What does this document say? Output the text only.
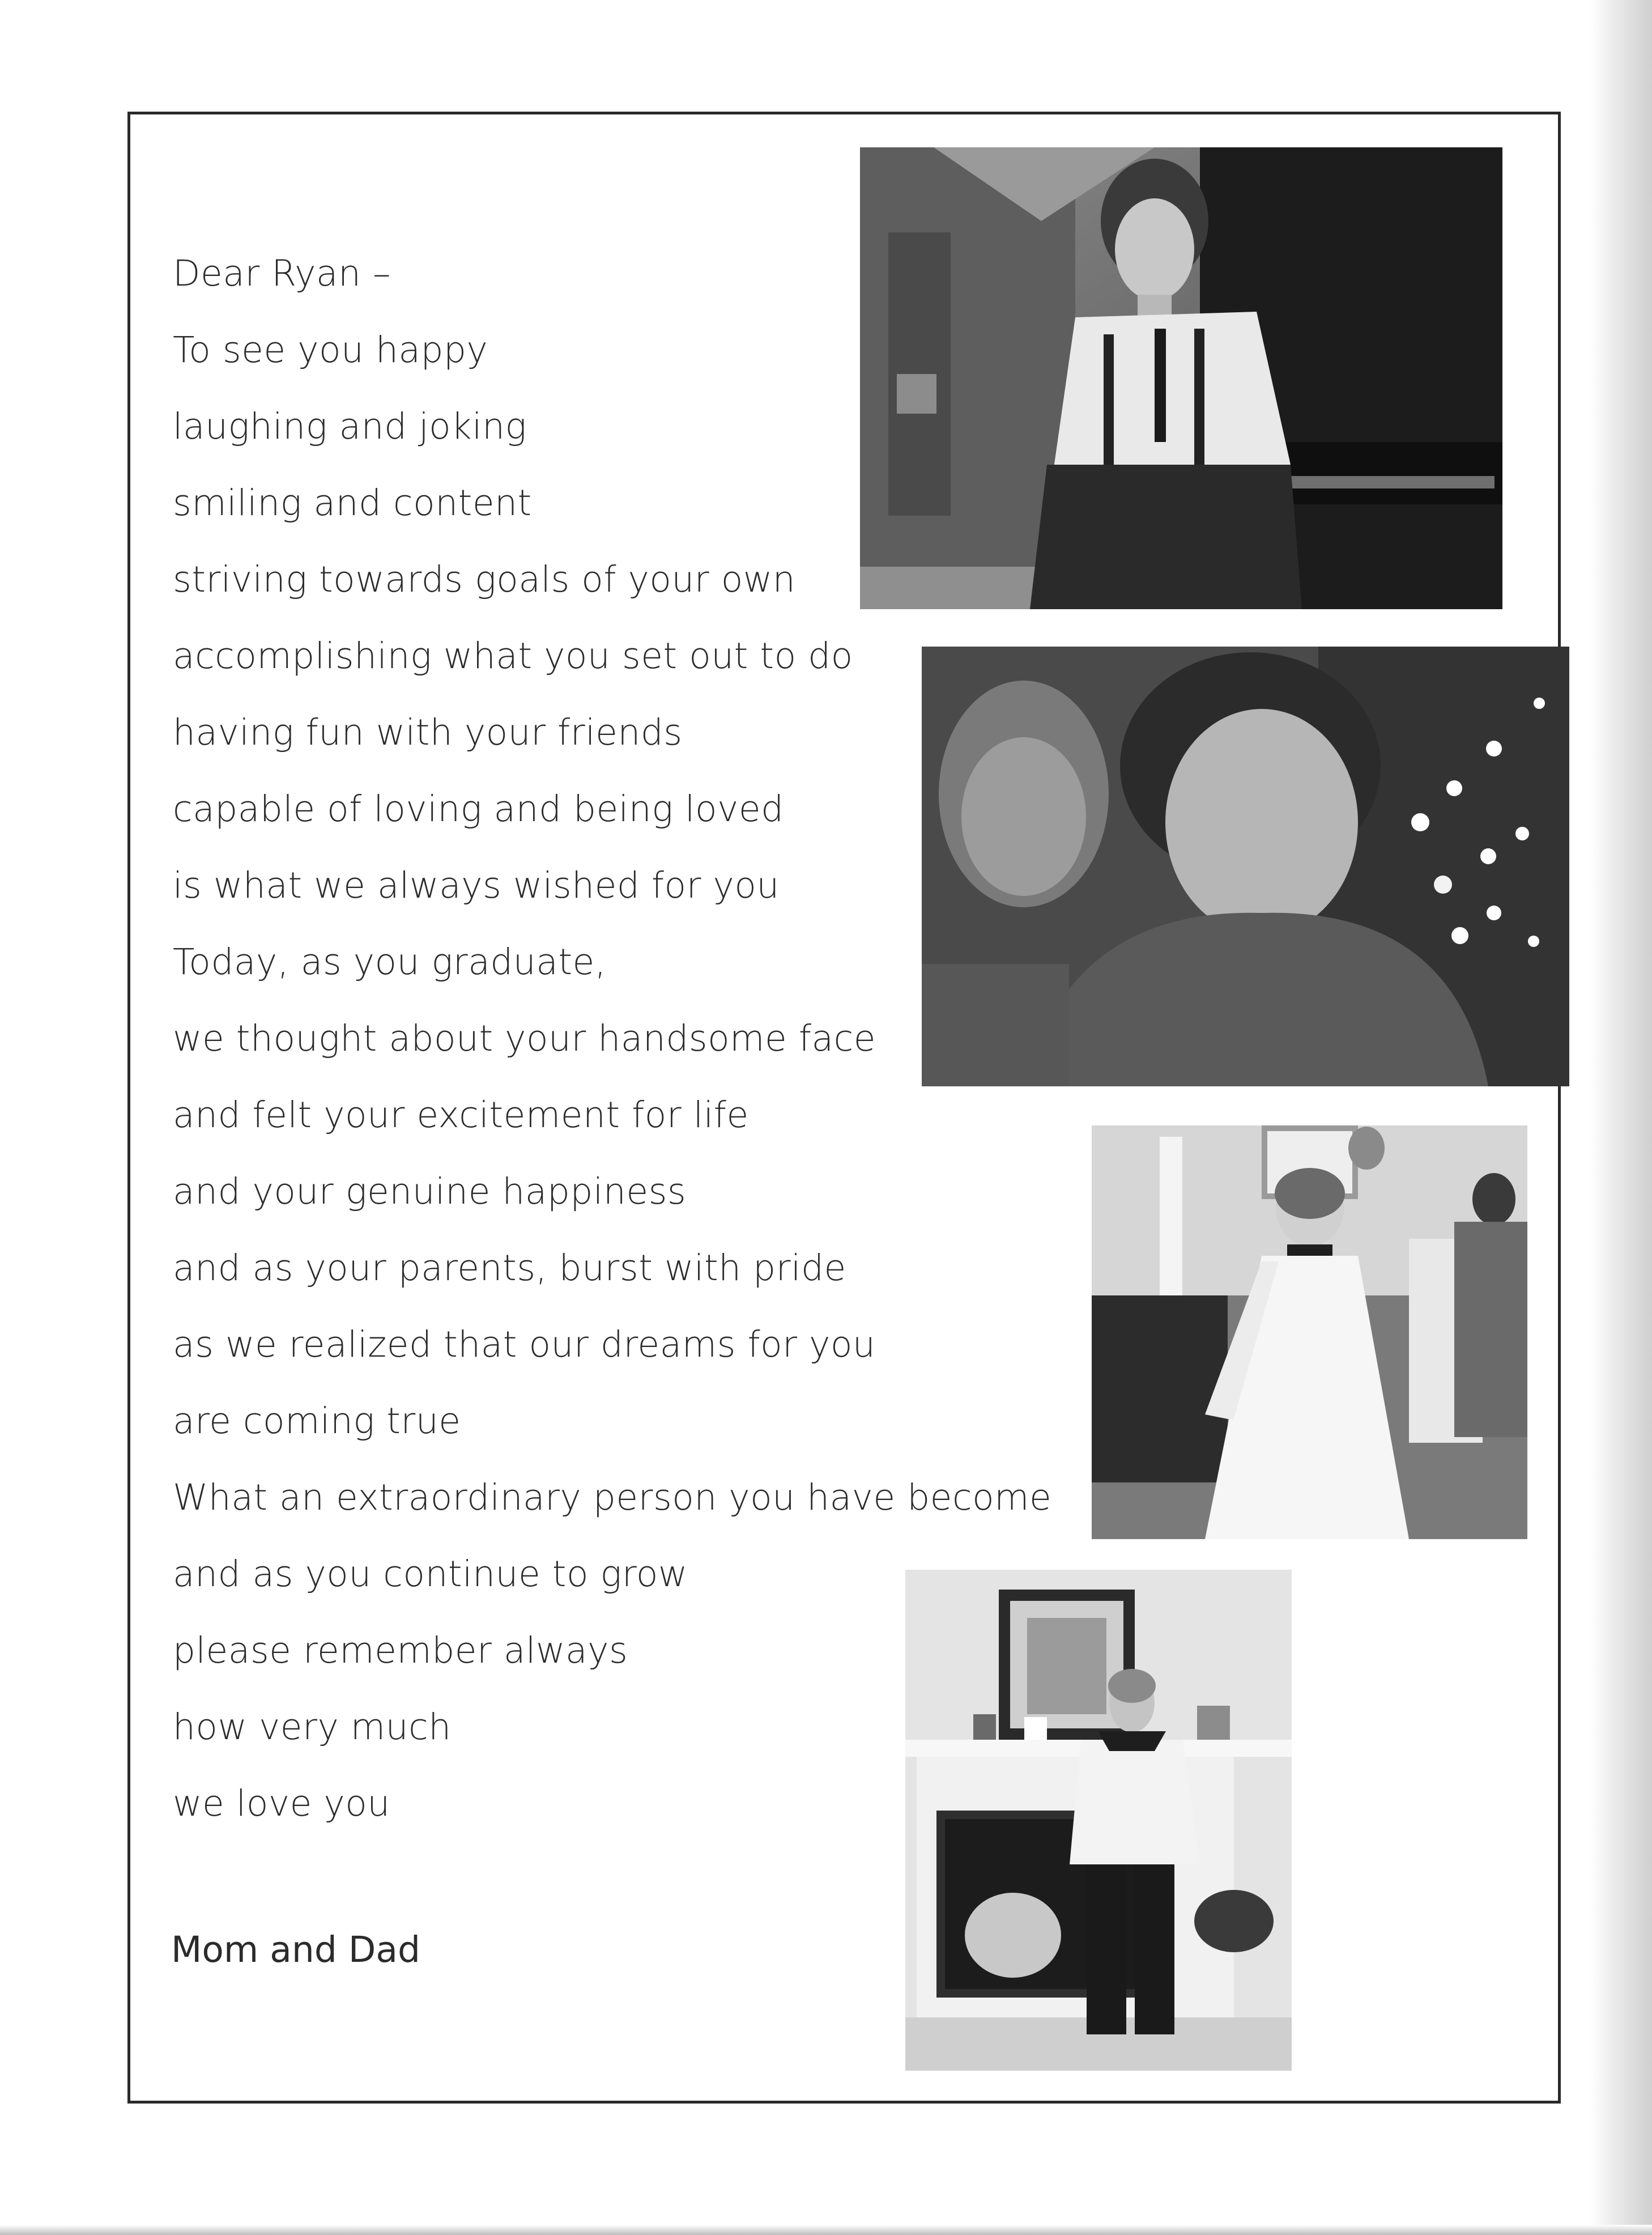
Dear Ryan –
To see you happy
laughing and joking
smiling and content
striving towards goals of your own
accomplishing what you set out to do
having fun with your friends
capable of loving and being loved
is what we always wished for you
Today, as you graduate,
we thought about your handsome face
and felt your excitement for life
and your genuine happiness
and as your parents, burst with pride
as we realized that our dreams for you
are coming true
What an extraordinary person you have become
and as you continue to grow
please remember always
how very much
we love you
Mom and Dad
